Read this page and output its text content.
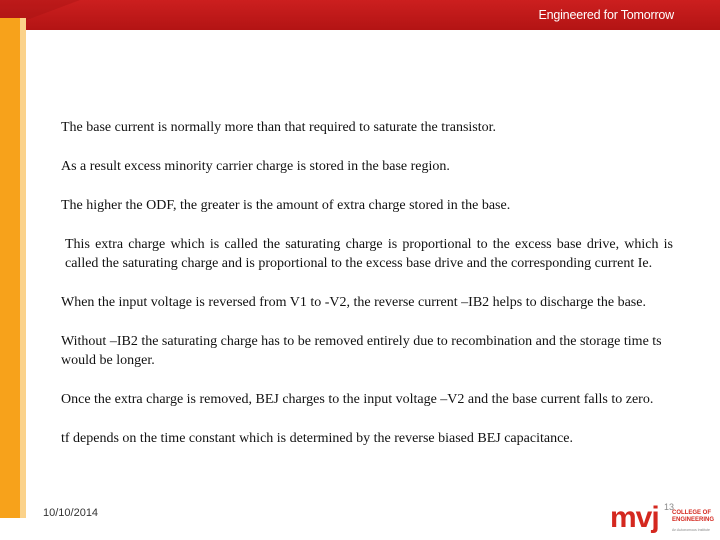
Engineered for Tomorrow

The base current is normally more than that required to saturate the transistor.

As a result excess minority carrier charge is stored in the base region.

The higher the ODF, the greater is the amount of extra charge stored in the base.

This extra charge which is called the saturating charge is proportional to the excess base drive, which is called the saturating charge and is proportional to the excess base drive and the corresponding current Ie.

When the input voltage is reversed from V1 to -V2, the reverse current –IB2 helps to discharge the base.

Without –IB2 the saturating charge has to be removed entirely due to recombination and the storage time ts would be longer.

Once the extra charge is removed, BEJ charges to the input voltage –V2 and the base current falls to zero.

tf depends on the time constant which is determined by the reverse biased BEJ capacitance.

10/10/2014	13
mvj COLLEGE OF
ENGINEERING
An Autonomous Institute
